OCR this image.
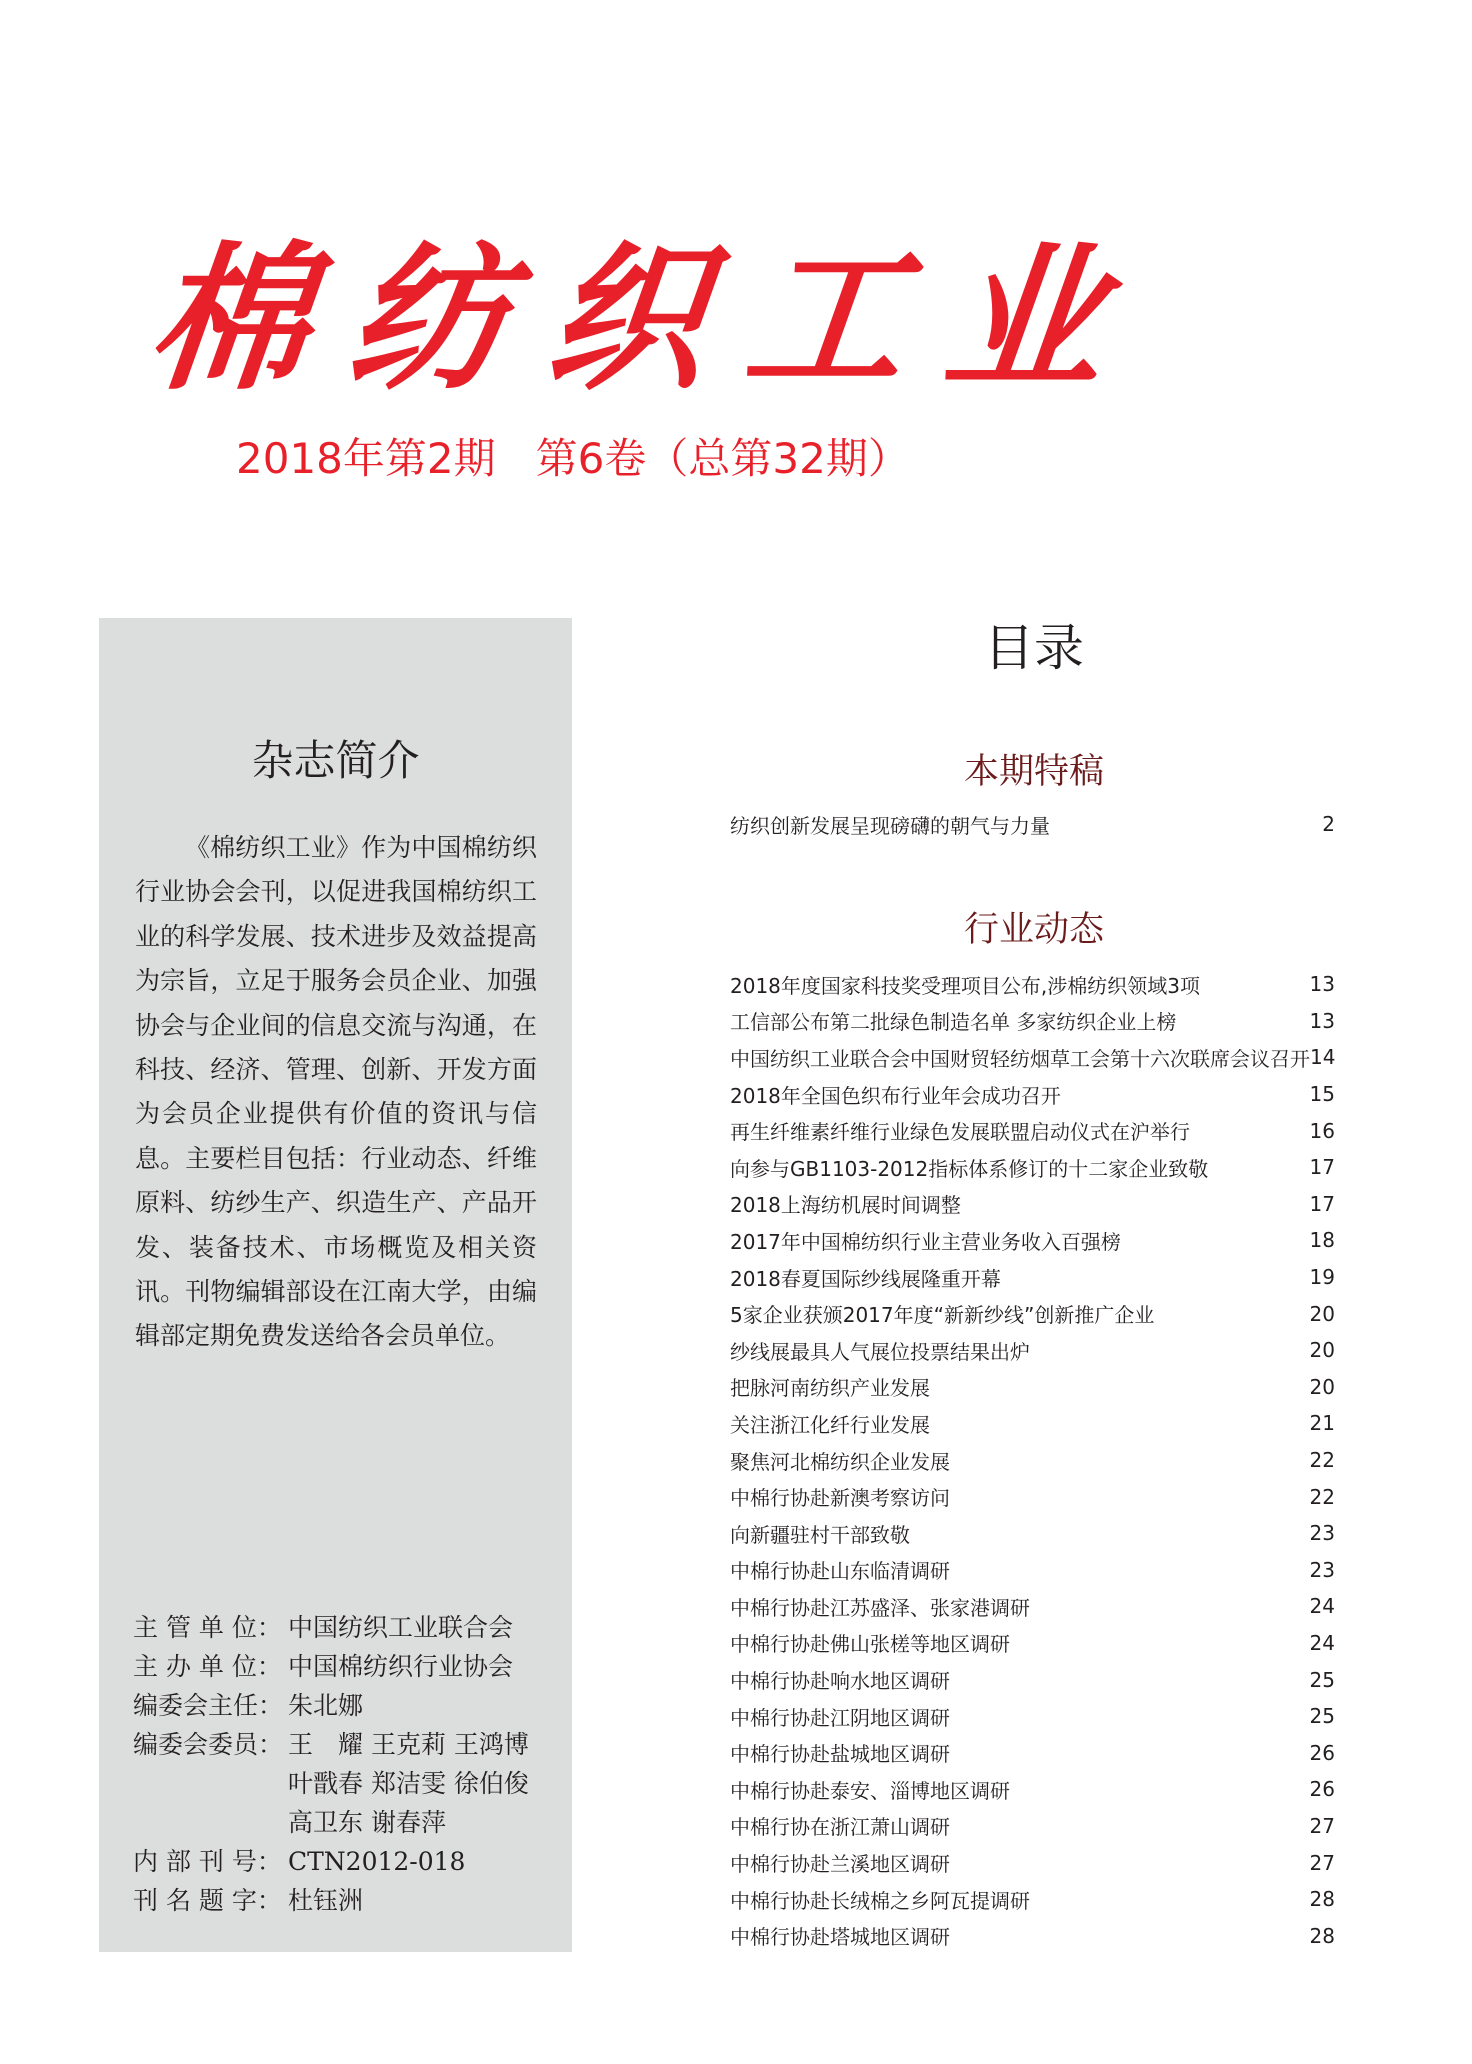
棉 纺 织 工 业
2018年第2期   第6卷（总第32期）
杂志简介
《棉纺织工业》作为中国棉纺织行业协会会刊，以促进我国棉纺织工业的科学发展、技术进步及效益提高为宗旨，立足于服务会员企业、加强协会与企业间的信息交流与沟通，在科技、经济、管理、创新、开发方面为会员企业提供有价值的资讯与信息。主要栏目包括：行业动态、纤维原料、纺纱生产、织造生产、产品开发、装备技术、市场概览及相关资讯。刊物编辑部设在江南大学，由编辑部定期免费发送给各会员单位。
主 管 单 位： 中国纺织工业联合会
主 办 单 位： 中国棉纺织行业协会
编委会主任： 朱北娜
编委会委员： 王　耀 王克莉 王鸿博
叶戬春 郑洁雯 徐伯俊
高卫东 谢春萍
内 部 刊 号： CTN2012-018
刊 名 题 字： 杜钰洲
目录
本期特稿
纺织创新发展呈现磅礴的朝气与力量	2
行业动态
2018年度国家科技奖受理项目公布,涉棉纺织领域3项	13
工信部公布第二批绿色制造名单 多家纺织企业上榜	13
中国纺织工业联合会中国财贸轻纺烟草工会第十六次联席会议召开 14
2018年全国色织布行业年会成功召开	15
再生纤维素纤维行业绿色发展联盟启动仪式在沪举行	16
向参与GB1103-2012指标体系修订的十二家企业致敬	17
2018上海纺机展时间调整	17
2017年中国棉纺织行业主营业务收入百强榜	18
2018春夏国际纱线展隆重开幕	19
5家企业获颁2017年度“新新纱线”创新推广企业	20
纱线展最具人气展位投票结果出炉	20
把脉河南纺织产业发展	20
关注浙江化纤行业发展	21
聚焦河北棉纺织企业发展	22
中棉行协赴新澳考察访问	22
向新疆驻村干部致敬	23
中棉行协赴山东临清调研	23
中棉行协赴江苏盛泽、张家港调研	24
中棉行协赴佛山张槎等地区调研	24
中棉行协赴响水地区调研	25
中棉行协赴江阴地区调研	25
中棉行协赴盐城地区调研	26
中棉行协赴泰安、淄博地区调研	26
中棉行协在浙江萧山调研	27
中棉行协赴兰溪地区调研	27
中棉行协赴长绒棉之乡阿瓦提调研	28
中棉行协赴塔城地区调研	28
